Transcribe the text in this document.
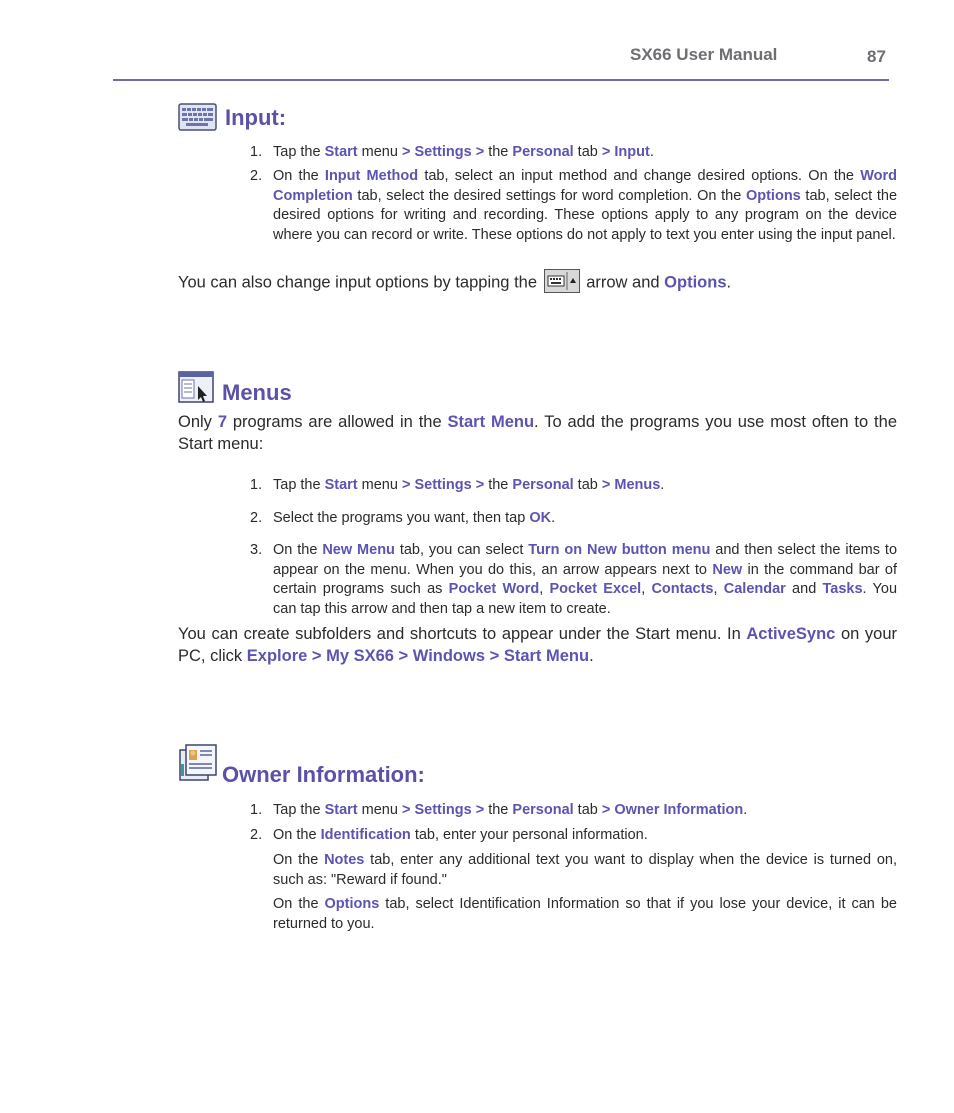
SX66 User Manual	87
Input:
1. Tap the Start menu > Settings > the Personal tab > Input.
2. On the Input Method tab, select an input method and change desired options. On the Word Completion tab, select the desired settings for word completion. On the Options tab, select the desired options for writing and recording. These options apply to any program on the device where you can record or write. These options do not apply to text you enter using the input panel.
You can also change input options by tapping the	arrow and Options.
Menus
Only 7 programs are allowed in the Start Menu. To add the programs you use most often to the Start menu:
1. Tap the Start menu > Settings > the Personal tab > Menus.
2. Select the programs you want, then tap OK.
3. On the New Menu tab, you can select Turn on New button menu and then select the items to appear on the menu. When you do this, an arrow appears next to New in the command bar of certain programs such as Pocket Word, Pocket Excel, Contacts, Calendar and Tasks. You can tap this arrow and then tap a new item to create.
You can create subfolders and shortcuts to appear under the Start menu. In ActiveSync on your PC, click Explore > My SX66 > Windows > Start Menu.
Owner Information:
1. Tap the Start menu > Settings > the Personal tab > Owner Information.
2. On the Identification tab, enter your personal information.
On the Notes tab, enter any additional text you want to display when the device is turned on, such as: "Reward if found."
On the Options tab, select Identification Information so that if you lose your device, it can be returned to you.
